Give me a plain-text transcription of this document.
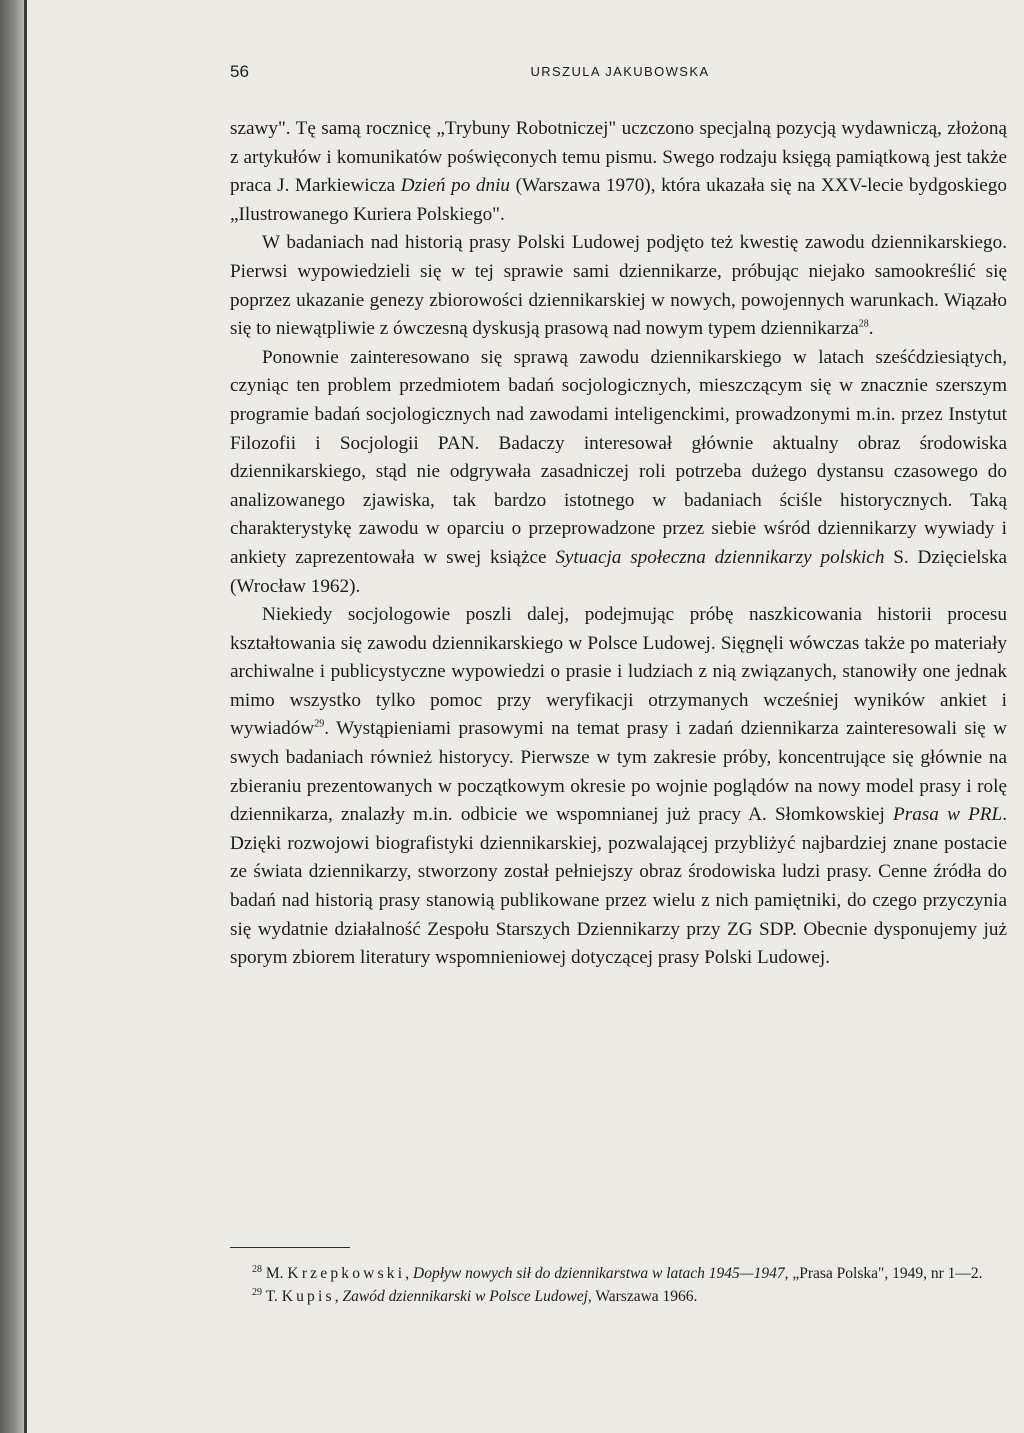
56	URSZULA JAKUBOWSKA

szawy". Tę samą rocznicę „Trybuny Robotniczej" uczczono specjalną pozycją wydawniczą, złożoną z artykułów i komunikatów poświęconych temu pismu. Swego rodzaju księgą pamiątkową jest także praca J. Markiewicza Dzień po dniu (Warszawa 1970), która ukazała się na XXV-lecie bydgoskiego „Ilustrowanego Kuriera Polskiego".

W badaniach nad historią prasy Polski Ludowej podjęto też kwestię zawodu dziennikarskiego. Pierwsi wypowiedzieli się w tej sprawie sami dziennikarze, próbując niejako samookreślić się poprzez ukazanie genezy zbiorowości dziennikarskiej w nowych, powojennych warunkach. Wiązało się to niewątpliwie z ówczesną dyskusją prasową nad nowym typem dziennikarza$^{28}$.

Ponownie zainteresowano się sprawą zawodu dziennikarskiego w latach sześćdziesiątych, czyniąc ten problem przedmiotem badań socjologicznych, mieszczącym się w znacznie szerszym programie badań socjologicznych nad zawodami inteligenckimi, prowadzonymi m.in. przez Instytut Filozofii i Socjologii PAN. Badaczy interesował głównie aktualny obraz środowiska dziennikarskiego, stąd nie odgrywała zasadniczej roli potrzeba dużego dystansu czasowego do analizowanego zjawiska, tak bardzo istotnego w badaniach ściśle historycznych. Taką charakterystykę zawodu w oparciu o przeprowadzone przez siebie wśród dziennikarzy wywiady i ankiety zaprezentowała w swej książce Sytuacja społeczna dziennikarzy polskich S. Dzięcielska (Wrocław 1962).

Niekiedy socjologowie poszli dalej, podejmując próbę naszkicowania historii procesu kształtowania się zawodu dziennikarskiego w Polsce Ludowej. Sięgnęli wówczas także po materiały archiwalne i publicystyczne wypowiedzi o prasie i ludziach z nią związanych, stanowiły one jednak mimo wszystko tylko pomoc przy weryfikacji otrzymanych wcześniej wyników ankiet i wywiadów$^{29}$. Wystąpieniami prasowymi na temat prasy i zadań dziennikarza zainteresowali się w swych badaniach również historycy. Pierwsze w tym zakresie próby, koncentrujące się głównie na zbieraniu prezentowanych w początkowym okresie po wojnie poglądów na nowy model prasy i rolę dziennikarza, znalazły m.in. odbicie we wspomnianej już pracy A. Słomkowskiej Prasa w PRL. Dzięki rozwojowi biografistyki dziennikarskiej, pozwalającej przybliżyć najbardziej znane postacie ze świata dziennikarzy, stworzony został pełniejszy obraz środowiska ludzi prasy. Cenne źródła do badań nad historią prasy stanowią publikowane przez wielu z nich pamiętniki, do czego przyczynia się wydatnie działalność Zespołu Starszych Dziennikarzy przy ZG SDP. Obecnie dysponujemy już sporym zbiorem literatury wspomnieniowej dotyczącej prasy Polski Ludowej.

$^{28}$ M. Krzepkowski, Dopływ nowych sił do dziennikarstwa w latach 1945—1947, „Prasa Polska", 1949, nr 1—2.

$^{29}$ T. Kupis, Zawód dziennikarski w Polsce Ludowej, Warszawa 1966.
